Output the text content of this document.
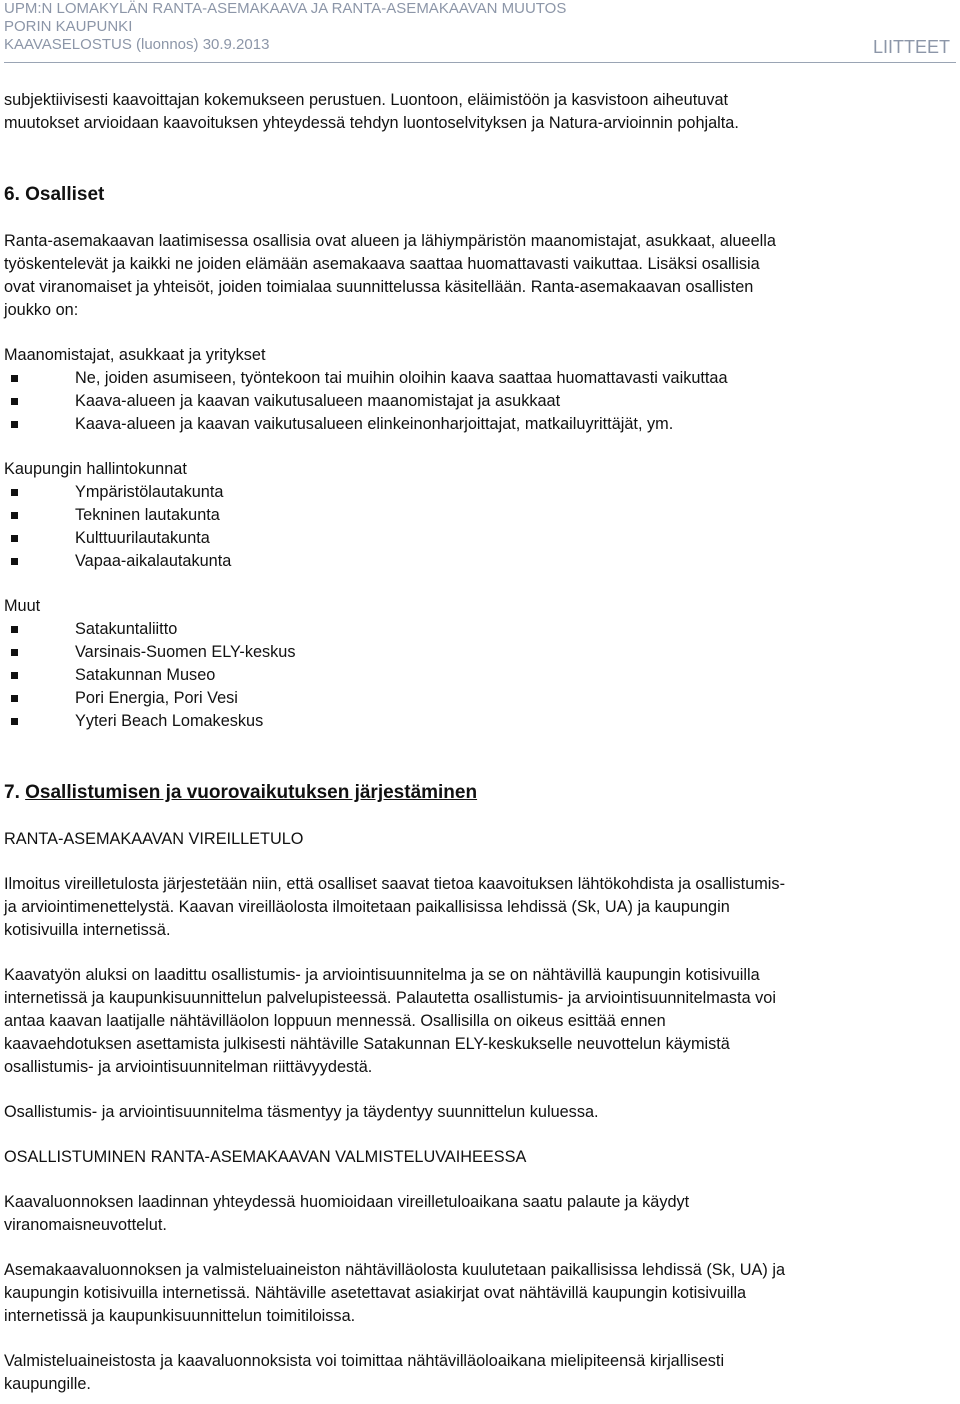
UPM:N LOMAKYLÄN RANTA-ASEMAKAAVA JA RANTA-ASEMAKAAVAN MUUTOS
PORIN KAUPUNKI
KAAVASELOSTUS (luonnos) 30.9.2013	LIITTEET

subjektiivisesti kaavoittajan kokemukseen perustuen. Luontoon, eläimistöön ja kasvistoon aiheutuvat
muutokset arvioidaan kaavoituksen yhteydessä tehdyn luontoselvityksen ja Natura-arvioinnin pohjalta.

6. Osalliset

Ranta-asemakaavan laatimisessa osallisia ovat alueen ja lähiympäristön maanomistajat, asukkaat, alueella
työskentelevät ja kaikki ne joiden elämään asemakaava saattaa huomattavasti vaikuttaa. Lisäksi osallisia
ovat viranomaiset ja yhteisöt, joiden toimialaa suunnittelussa käsitellään. Ranta-asemakaavan osallisten
joukko on:

Maanomistajat, asukkaat ja yritykset

Ne, joiden asumiseen, työntekoon tai muihin oloihin kaava saattaa huomattavasti vaikuttaa
Kaava-alueen ja kaavan vaikutusalueen maanomistajat ja asukkaat
Kaava-alueen ja kaavan vaikutusalueen elinkeinonharjoittajat, matkailuyrittäjät, ym.

Kaupungin hallintokunnat

Ympäristölautakunta
Tekninen lautakunta
Kulttuurilautakunta
Vapaa-aikalautakunta

Muut

Satakuntaliitto
Varsinais-Suomen ELY-keskus
Satakunnan Museo
Pori Energia, Pori Vesi
Yyteri Beach Lomakeskus
7. Osallistumisen ja vuorovaikutuksen järjestäminen

RANTA-ASEMAKAAVAN VIREILLETULO

Ilmoitus vireilletulosta järjestetään niin, että osalliset saavat tietoa kaavoituksen lähtökohdista ja osallistumis-
ja arviointimenettelystä. Kaavan vireilläolosta ilmoitetaan paikallisissa lehdissä (Sk, UA) ja kaupungin
kotisivuilla internetissä.

Kaavatyön aluksi on laadittu osallistumis- ja arviointisuunnitelma ja se on nähtävillä kaupungin kotisivuilla
internetissä ja kaupunkisuunnittelun palvelupisteessä. Palautetta osallistumis- ja arviointisuunnitelmasta voi
antaa kaavan laatijalle nähtävilläolon loppuun mennessä. Osallisilla on oikeus esittää ennen
kaavaehdotuksen asettamista julkisesti nähtäville Satakunnan ELY-keskukselle neuvottelun käymistä
osallistumis- ja arviointisuunnitelman riittävyydestä.

Osallistumis- ja arviointisuunnitelma täsmentyy ja täydentyy suunnittelun kuluessa.

OSALLISTUMINEN RANTA-ASEMAKAAVAN VALMISTELUVAIHEESSA

Kaavaluonnoksen laadinnan yhteydessä huomioidaan vireilletuloaikana saatu palaute ja käydyt
viranomaisneuvottelut.

Asemakaavaluonnoksen ja valmisteluaineiston nähtävilläolosta kuulutetaan paikallisissa lehdissä (Sk, UA) ja
kaupungin kotisivuilla internetissä. Nähtäville asetettavat asiakirjat ovat nähtävillä kaupungin kotisivuilla
internetissä ja kaupunkisuunnittelun toimitiloissa.

Valmisteluaineistosta ja kaavaluonnoksista voi toimittaa nähtävilläoloaikana mielipiteensä kirjallisesti
kaupungille.
